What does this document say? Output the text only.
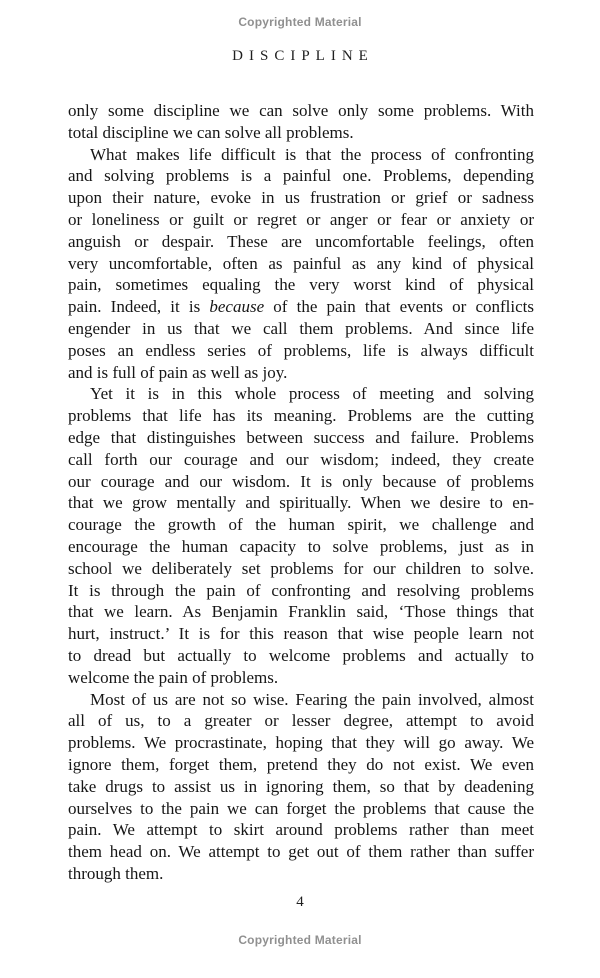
Copyrighted Material
DISCIPLINE
only some discipline we can solve only some problems. With
total discipline we can solve all problems.
What makes life difficult is that the process of confronting
and solving problems is a painful one. Problems, depending
upon their nature, evoke in us frustration or grief or sadness
or loneliness or guilt or regret or anger or fear or anxiety or
anguish or despair. These are uncomfortable feelings, often
very uncomfortable, often as painful as any kind of physical
pain, sometimes equaling the very worst kind of physical
pain. Indeed, it is because of the pain that events or conflicts
engender in us that we call them problems. And since life
poses an endless series of problems, life is always difficult
and is full of pain as well as joy.
Yet it is in this whole process of meeting and solving
problems that life has its meaning. Problems are the cutting
edge that distinguishes between success and failure. Problems
call forth our courage and our wisdom; indeed, they create
our courage and our wisdom. It is only because of problems
that we grow mentally and spiritually. When we desire to en-
courage the growth of the human spirit, we challenge and
encourage the human capacity to solve problems, just as in
school we deliberately set problems for our children to solve.
It is through the pain of confronting and resolving problems
that we learn. As Benjamin Franklin said, ‘Those things that
hurt, instruct.’ It is for this reason that wise people learn not
to dread but actually to welcome problems and actually to
welcome the pain of problems.
Most of us are not so wise. Fearing the pain involved, almost
all of us, to a greater or lesser degree, attempt to avoid
problems. We procrastinate, hoping that they will go away. We
ignore them, forget them, pretend they do not exist. We even
take drugs to assist us in ignoring them, so that by deadening
ourselves to the pain we can forget the problems that cause the
pain. We attempt to skirt around problems rather than meet
them head on. We attempt to get out of them rather than suffer
through them.
4
Copyrighted Material
